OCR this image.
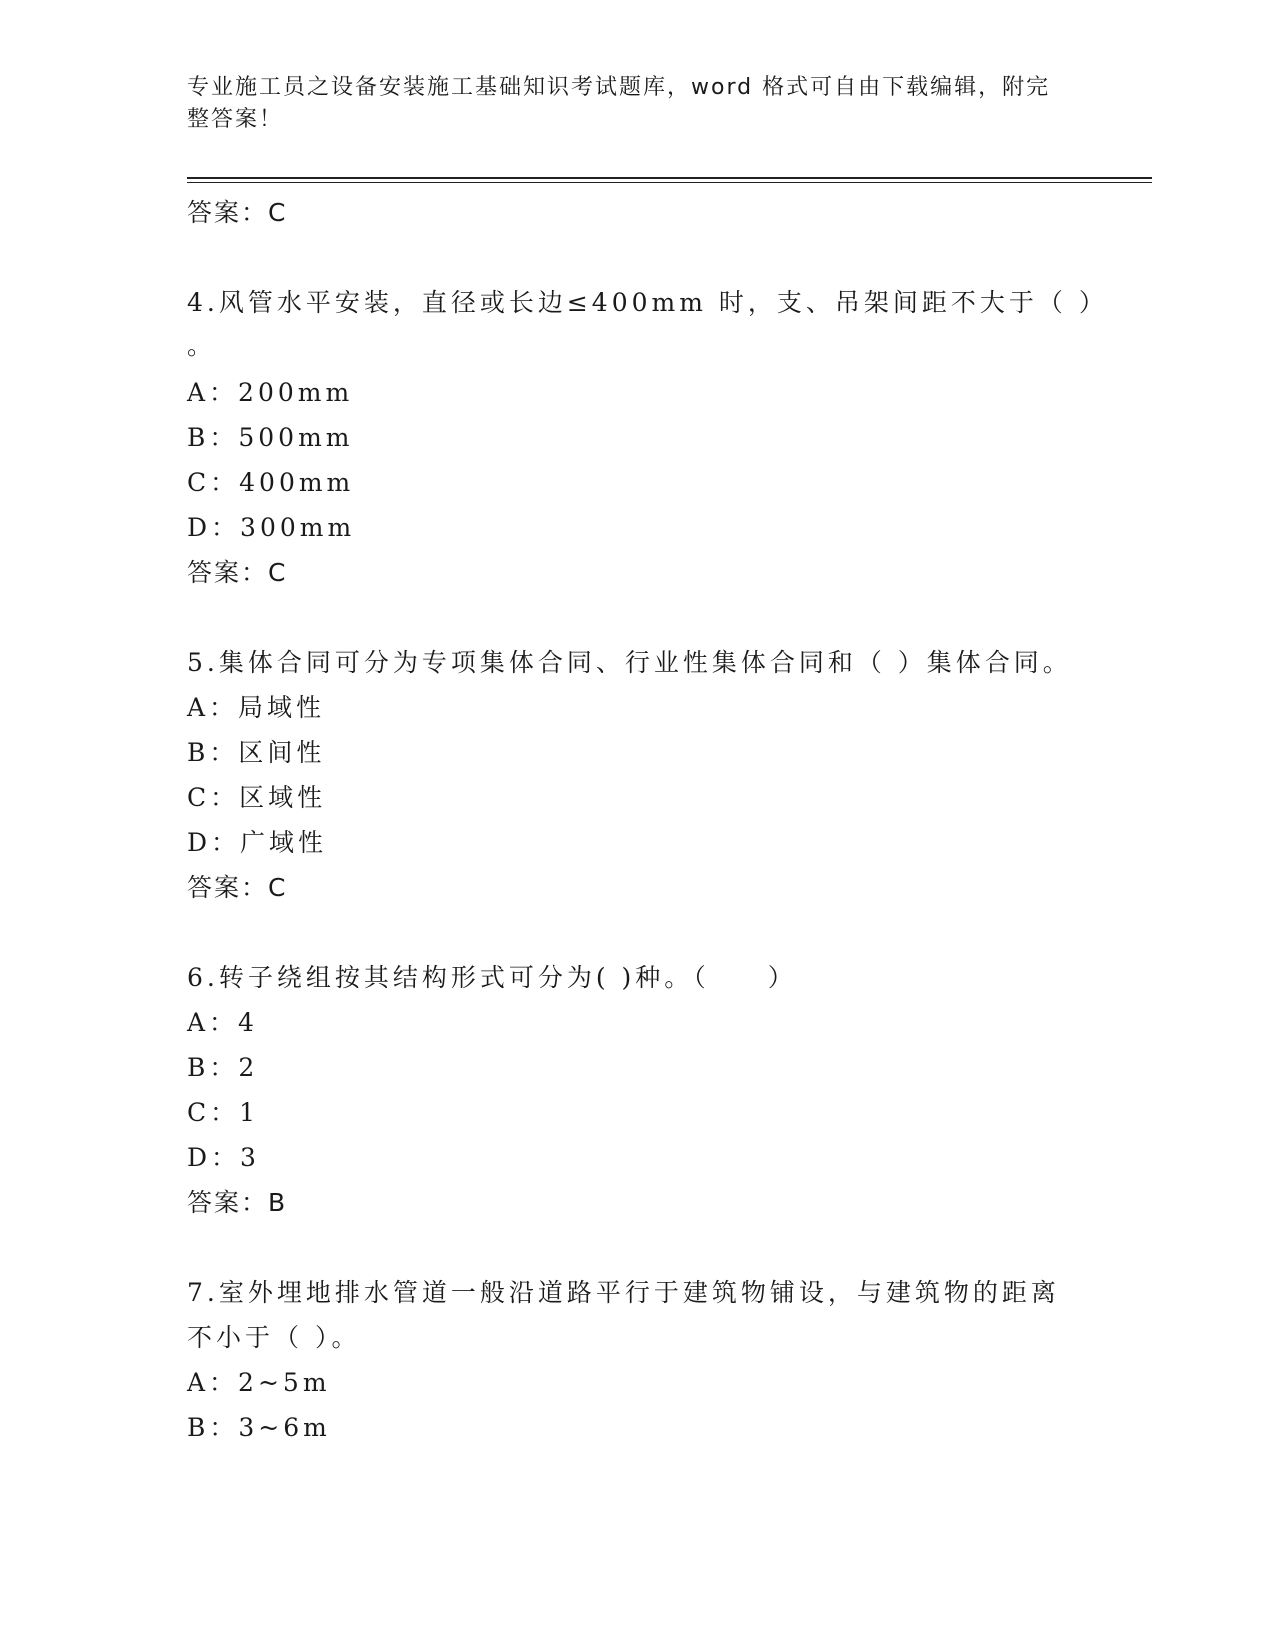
专业施工员之设备安装施工基础知识考试题库，word 格式可自由下载编辑，附完
整答案！
答案：C
4.风管水平安装，直径或长边≤400mm 时，支、吊架间距不大于（ ）
。
A：200mm
B：500mm
C：400mm
D：300mm
答案：C
5.集体合同可分为专项集体合同、行业性集体合同和（ ）集体合同。
A：局域性
B：区间性
C：区域性
D：广域性
答案：C
6.转子绕组按其结构形式可分为( )种。（　　）
A：4
B：2
C：1
D：3
答案：B
7.室外埋地排水管道一般沿道路平行于建筑物铺设，与建筑物的距离
不小于（ ）。
A：2~5m
B：3~6m
